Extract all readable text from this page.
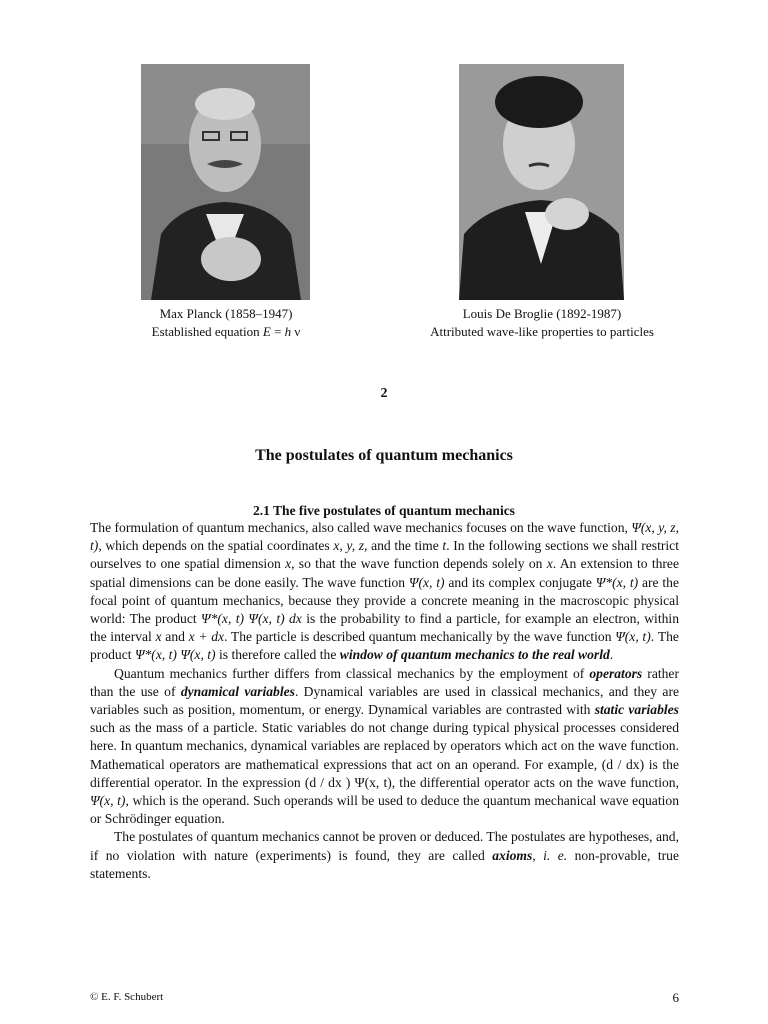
Max Planck (1858–1947)
Established equation E = h ν
Louis De Broglie (1892-1987)
Attributed wave-like properties to particles
2
The postulates of quantum mechanics
2.1 The five postulates of quantum mechanics

The formulation of quantum mechanics, also called wave mechanics focuses on the wave function, Ψ(x, y, z, t), which depends on the spatial coordinates x, y, z, and the time t. In the following sections we shall restrict ourselves to one spatial dimension x, so that the wave function depends solely on x. An extension to three spatial dimensions can be done easily. The wave function Ψ(x, t) and its complex conjugate Ψ*(x, t) are the focal point of quantum mechanics, because they provide a concrete meaning in the macroscopic physical world: The product Ψ*(x, t) Ψ(x, t) dx is the probability to find a particle, for example an electron, within the interval x and x + dx. The particle is described quantum mechanically by the wave function Ψ(x, t). The product Ψ*(x, t) Ψ(x, t) is therefore called the window of quantum mechanics to the real world.

Quantum mechanics further differs from classical mechanics by the employment of operators rather than the use of dynamical variables. Dynamical variables are used in classical mechanics, and they are variables such as position, momentum, or energy. Dynamical variables are contrasted with static variables such as the mass of a particle. Static variables do not change during typical physical processes considered here. In quantum mechanics, dynamical variables are replaced by operators which act on the wave function. Mathematical operators are mathematical expressions that act on an operand. For example, (d / dx) is the differential operator. In the expression (d / dx ) Ψ(x, t), the differential operator acts on the wave function, Ψ(x, t), which is the operand. Such operands will be used to deduce the quantum mechanical wave equation or Schrödinger equation.

The postulates of quantum mechanics cannot be proven or deduced. The postulates are hypotheses, and, if no violation with nature (experiments) is found, they are called axioms, i. e. non-provable, true statements.

© E. F. Schubert	6
